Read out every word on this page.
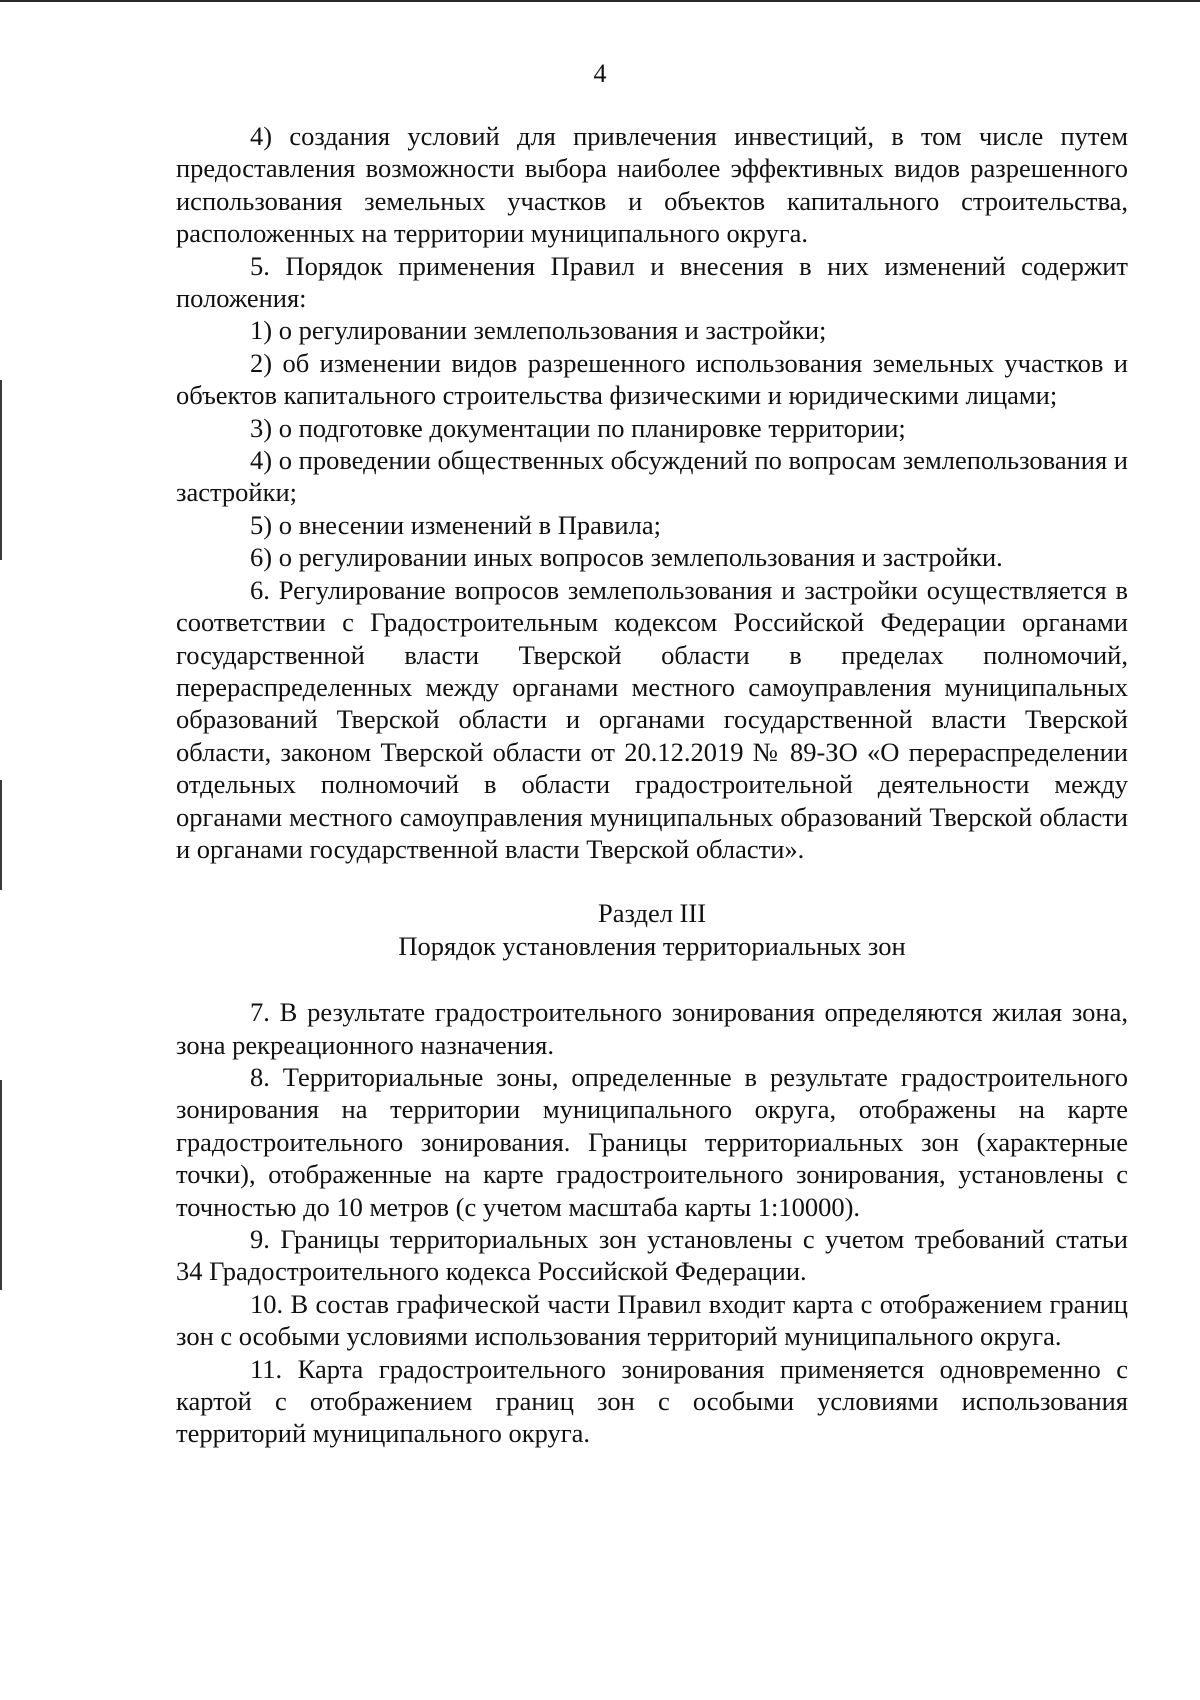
4

4) создания условий для привлечения инвестиций, в том числе путем предоставления возможности выбора наиболее эффективных видов разрешенного использования земельных участков и объектов капитального строительства, расположенных на территории муниципального округа.

5. Порядок применения Правил и внесения в них изменений содержит положения:

1) о регулировании землепользования и застройки;

2) об изменении видов разрешенного использования земельных участков и объектов капитального строительства физическими и юридическими лицами;

3) о подготовке документации по планировке территории;

4) о проведении общественных обсуждений по вопросам землепользования и застройки;

5) о внесении изменений в Правила;

6) о регулировании иных вопросов землепользования и застройки.

6. Регулирование вопросов землепользования и застройки осуществляется в соответствии с Градостроительным кодексом Российской Федерации органами государственной власти Тверской области в пределах полномочий, перераспределенных между органами местного самоуправления муниципальных образований Тверской области и органами государственной власти Тверской области, законом Тверской области от 20.12.2019 № 89-ЗО «О перераспределении отдельных полномочий в области градостроительной деятельности между органами местного самоуправления муниципальных образований Тверской области и органами государственной власти Тверской области».

Раздел III
Порядок установления территориальных зон

7. В результате градостроительного зонирования определяются жилая зона, зона рекреационного назначения.

8. Территориальные зоны, определенные в результате градостроительного зонирования на территории муниципального округа, отображены на карте градостроительного зонирования. Границы территориальных зон (характерные точки), отображенные на карте градостроительного зонирования, установлены с точностью до 10 метров (с учетом масштаба карты 1:10000).

9. Границы территориальных зон установлены с учетом требований статьи 34 Градостроительного кодекса Российской Федерации.

10. В состав графической части Правил входит карта с отображением границ зон с особыми условиями использования территорий муниципального округа.

11. Карта градостроительного зонирования применяется одновременно с картой с отображением границ зон с особыми условиями использования территорий муниципального округа.
